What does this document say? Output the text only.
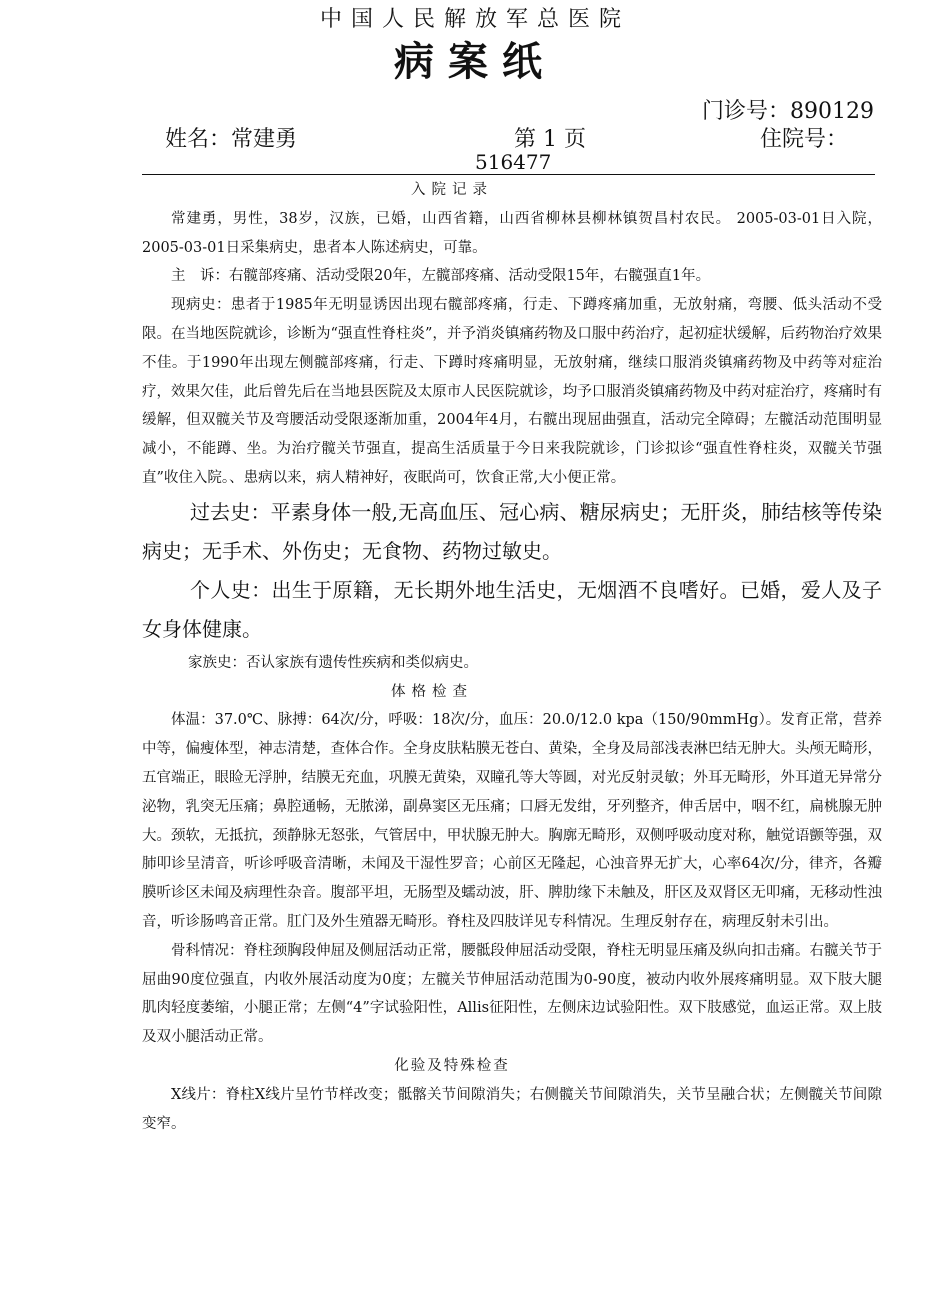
中国人民解放军总医院
病案纸
门诊号：890129
姓名：常建勇	第 1 页	住院号：
516477

入院记录

常建勇，男性，38岁，汉族，已婚，山西省籍，山西省柳林县柳林镇贺昌村农民。 2005-03-01日入院， 2005-03-01日采集病史，患者本人陈述病史，可靠。

主　诉：右髋部疼痛、活动受限20年，左髋部疼痛、活动受限15年，右髋强直1年。

现病史：患者于1985年无明显诱因出现右髋部疼痛，行走、下蹲疼痛加重，无放射痛，弯腰、低头活动不受限。在当地医院就诊，诊断为“强直性脊柱炎”，并予消炎镇痛药物及口服中药治疗，起初症状缓解，后药物治疗效果不佳。于1990年出现左侧髋部疼痛，行走、下蹲时疼痛明显，无放射痛，继续口服消炎镇痛药物及中药等对症治疗，效果欠佳，此后曾先后在当地县医院及太原市人民医院就诊，均予口服消炎镇痛药物及中药对症治疗，疼痛时有缓解，但双髋关节及弯腰活动受限逐渐加重，2004年4月，右髋出现屈曲强直，活动完全障碍；左髋活动范围明显减小，不能蹲、坐。为治疗髋关节强直，提高生活质量于今日来我院就诊，门诊拟诊“强直性脊柱炎，双髋关节强直”收住入院。、患病以来，病人精神好，夜眠尚可，饮食正常,大小便正常。

过去史：平素身体一般,无高血压、冠心病、糖尿病史；无肝炎，肺结核等传染病史；无手术、外伤史；无食物、药物过敏史。

个人史：出生于原籍，无长期外地生活史，无烟酒不良嗜好。已婚，爱人及子女身体健康。

家族史：否认家族有遗传性疾病和类似病史。

体格检查

体温：37.0℃、脉搏：64次/分，呼吸：18次/分，血压：20.0/12.0 kpa（150/90mmHg）。发育正常，营养中等，偏瘦体型，神志清楚，查体合作。全身皮肤粘膜无苍白、黄染，全身及局部浅表淋巴结无肿大。头颅无畸形，五官端正，眼睑无浮肿，结膜无充血，巩膜无黄染，双瞳孔等大等圆，对光反射灵敏；外耳无畸形，外耳道无异常分泌物，乳突无压痛；鼻腔通畅，无脓涕，副鼻窦区无压痛；口唇无发绀，牙列整齐，伸舌居中，咽不红，扁桃腺无肿大。颈软，无抵抗，颈静脉无怒张，气管居中，甲状腺无肿大。胸廓无畸形，双侧呼吸动度对称，触觉语颤等强，双肺叩诊呈清音，听诊呼吸音清晰，未闻及干湿性罗音；心前区无隆起，心浊音界无扩大，心率64次/分，律齐，各瓣膜听诊区未闻及病理性杂音。腹部平坦，无肠型及蠕动波，肝、脾肋缘下未触及，肝区及双肾区无叩痛，无移动性浊音，听诊肠鸣音正常。肛门及外生殖器无畸形。脊柱及四肢详见专科情况。生理反射存在，病理反射未引出。

骨科情况：脊柱颈胸段伸屈及侧屈活动正常，腰骶段伸屈活动受限，脊柱无明显压痛及纵向扣击痛。右髋关节于屈曲90度位强直，内收外展活动度为0度；左髋关节伸屈活动范围为0-90度，被动内收外展疼痛明显。双下肢大腿肌肉轻度萎缩，小腿正常；左侧“4”字试验阳性，Allis征阳性，左侧床边试验阳性。双下肢感觉，血运正常。双上肢及双小腿活动正常。

化验及特殊检查

X线片：脊柱X线片呈竹节样改变；骶髂关节间隙消失；右侧髋关节间隙消失，关节呈融合状；左侧髋关节间隙变窄。
